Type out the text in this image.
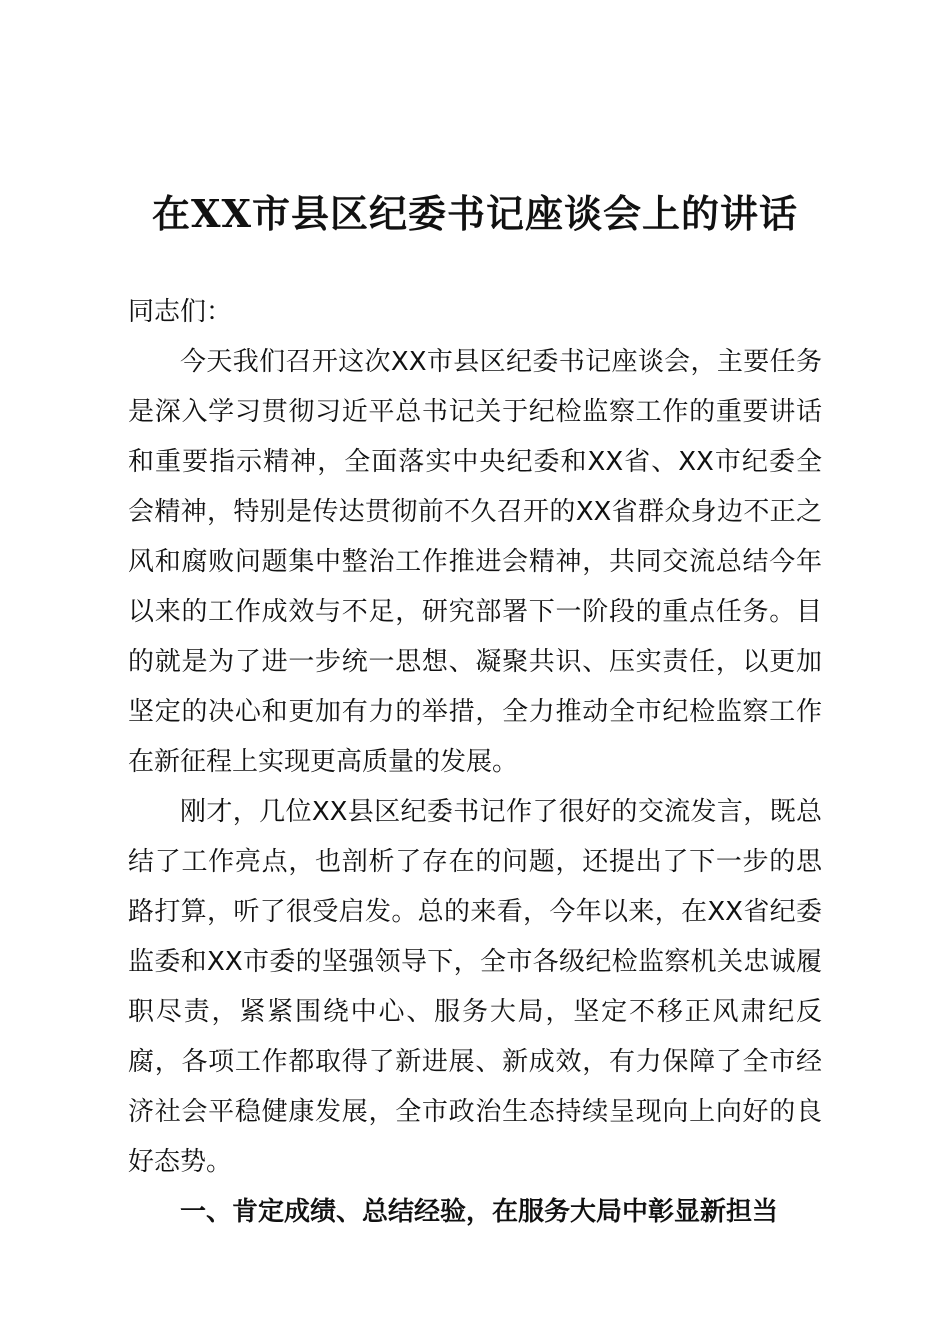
在XX市县区纪委书记座谈会上的讲话

同志们：

今天我们召开这次XX市县区纪委书记座谈会，主要任务是深入学习贯彻习近平总书记关于纪检监察工作的重要讲话和重要指示精神，全面落实中央纪委和XX省、XX市纪委全会精神，特别是传达贯彻前不久召开的XX省群众身边不正之风和腐败问题集中整治工作推进会精神，共同交流总结今年以来的工作成效与不足，研究部署下一阶段的重点任务。目的就是为了进一步统一思想、凝聚共识、压实责任，以更加坚定的决心和更加有力的举措，全力推动全市纪检监察工作在新征程上实现更高质量的发展。

刚才，几位XX县区纪委书记作了很好的交流发言，既总结了工作亮点，也剖析了存在的问题，还提出了下一步的思路打算，听了很受启发。总的来看，今年以来，在XX省纪委监委和XX市委的坚强领导下，全市各级纪检监察机关忠诚履职尽责，紧紧围绕中心、服务大局，坚定不移正风肃纪反腐，各项工作都取得了新进展、新成效，有力保障了全市经济社会平稳健康发展，全市政治生态持续呈现向上向好的良好态势。

一、肯定成绩、总结经验，在服务大局中彰显新担当
